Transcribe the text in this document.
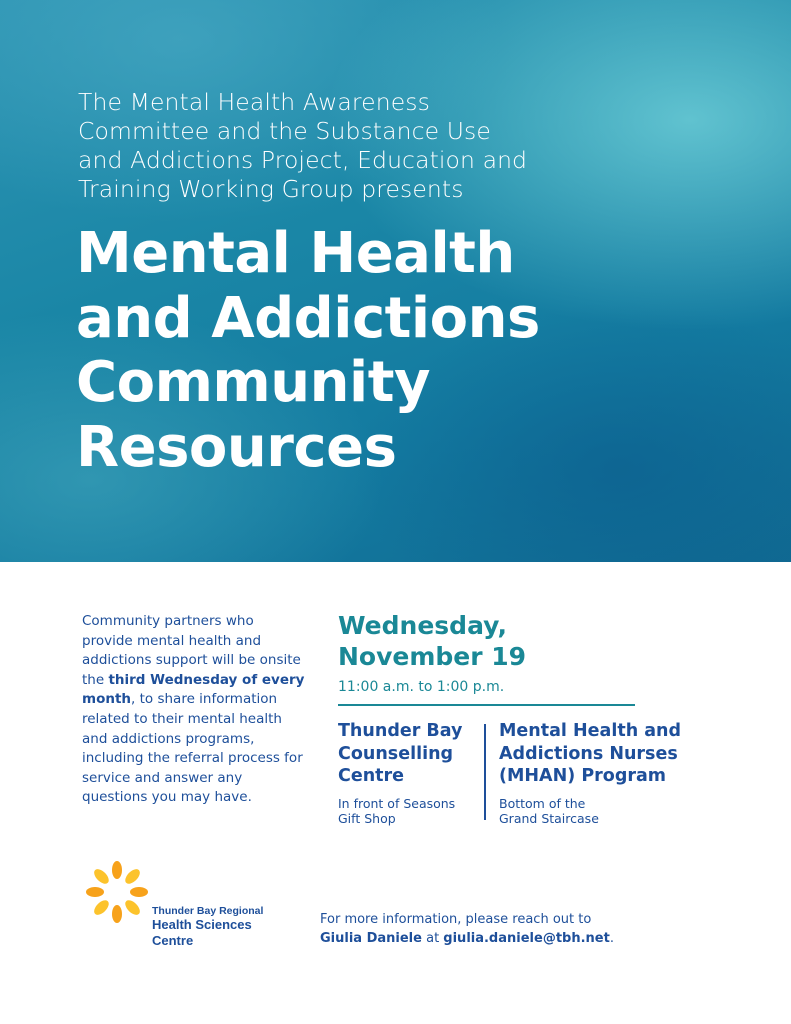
The Mental Health Awareness
Committee and the Substance Use
and Addictions Project, Education and
Training Working Group presents

Mental Health
and Addictions
Community
Resources

Community partners who provide mental health and addictions support will be onsite the third Wednesday of every month, to share information related to their mental health and addictions programs, including the referral process for service and answer any questions you may have.

Wednesday,
November 19

11:00 a.m. to 1:00 p.m.

Thunder Bay
Counselling
Centre

In front of Seasons
Gift Shop

Mental Health and
Addictions Nurses
(MHAN) Program

Bottom of the
Grand Staircase

Thunder Bay Regional

Health Sciences
Centre

For more information, please reach out to
Giulia Daniele at giulia.daniele@tbh.net.
